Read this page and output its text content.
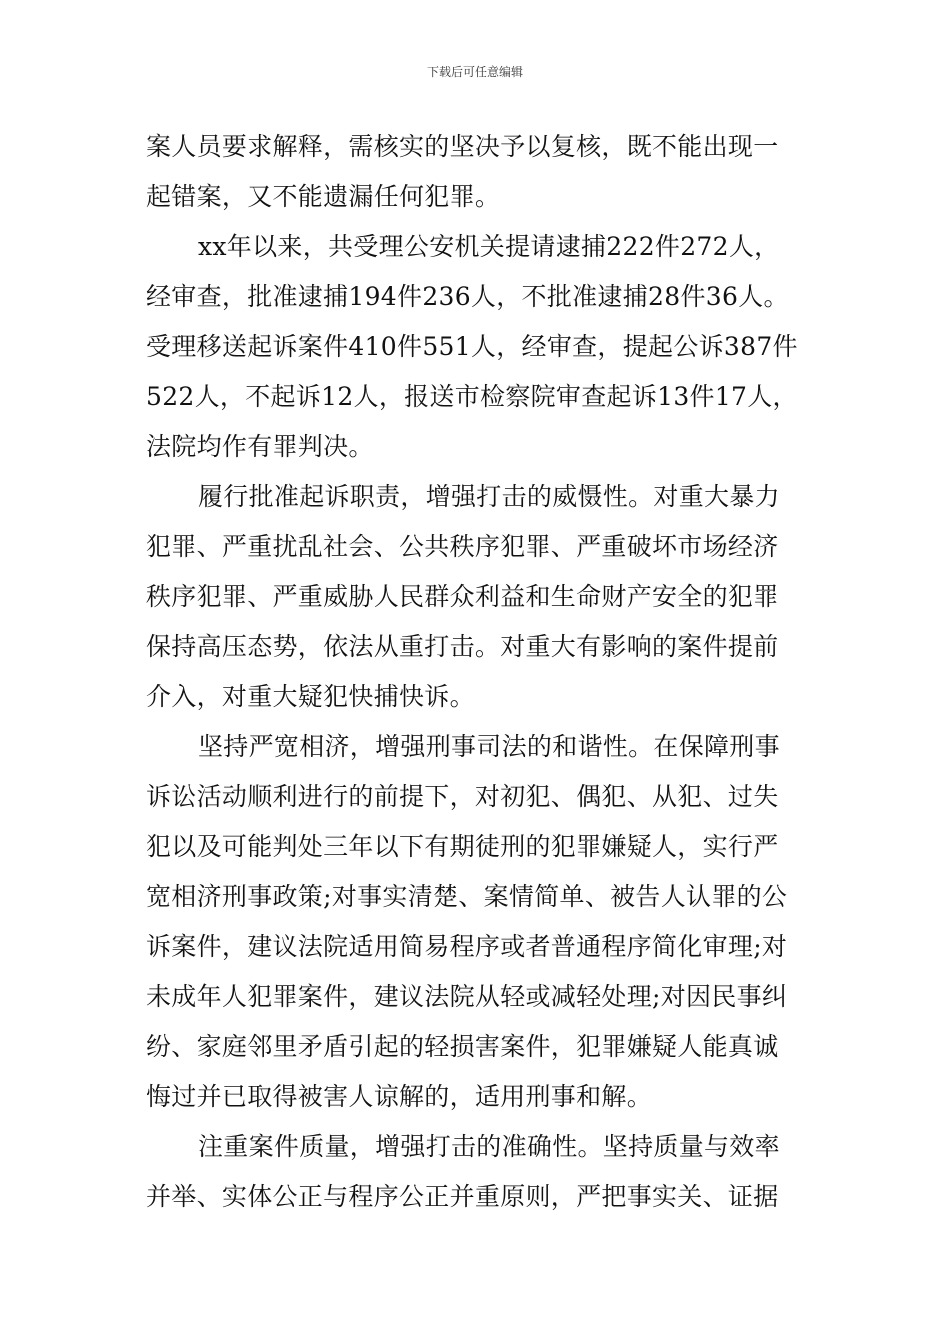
下载后可任意编辑

案人员要求解释，需核实的坚决予以复核，既不能出现一
起错案，又不能遗漏任何犯罪。

xx年以来，共受理公安机关提请逮捕222件272人，
经审查，批准逮捕194件236人，不批准逮捕28件36人。
受理移送起诉案件410件551人，经审查，提起公诉387件
522人，不起诉12人，报送市检察院审查起诉13件17人，
法院均作有罪判决。

履行批准起诉职责，增强打击的威慑性。对重大暴力
犯罪、严重扰乱社会、公共秩序犯罪、严重破坏市场经济
秩序犯罪、严重威胁人民群众利益和生命财产安全的犯罪
保持高压态势，依法从重打击。对重大有影响的案件提前
介入，对重大疑犯快捕快诉。

坚持严宽相济，增强刑事司法的和谐性。在保障刑事
诉讼活动顺利进行的前提下，对初犯、偶犯、从犯、过失
犯以及可能判处三年以下有期徒刑的犯罪嫌疑人，实行严
宽相济刑事政策;对事实清楚、案情简单、被告人认罪的公
诉案件，建议法院适用简易程序或者普通程序简化审理;对
未成年人犯罪案件，建议法院从轻或减轻处理;对因民事纠
纷、家庭邻里矛盾引起的轻损害案件，犯罪嫌疑人能真诚
悔过并已取得被害人谅解的，适用刑事和解。

注重案件质量，增强打击的准确性。坚持质量与效率
并举、实体公正与程序公正并重原则，严把事实关、证据
